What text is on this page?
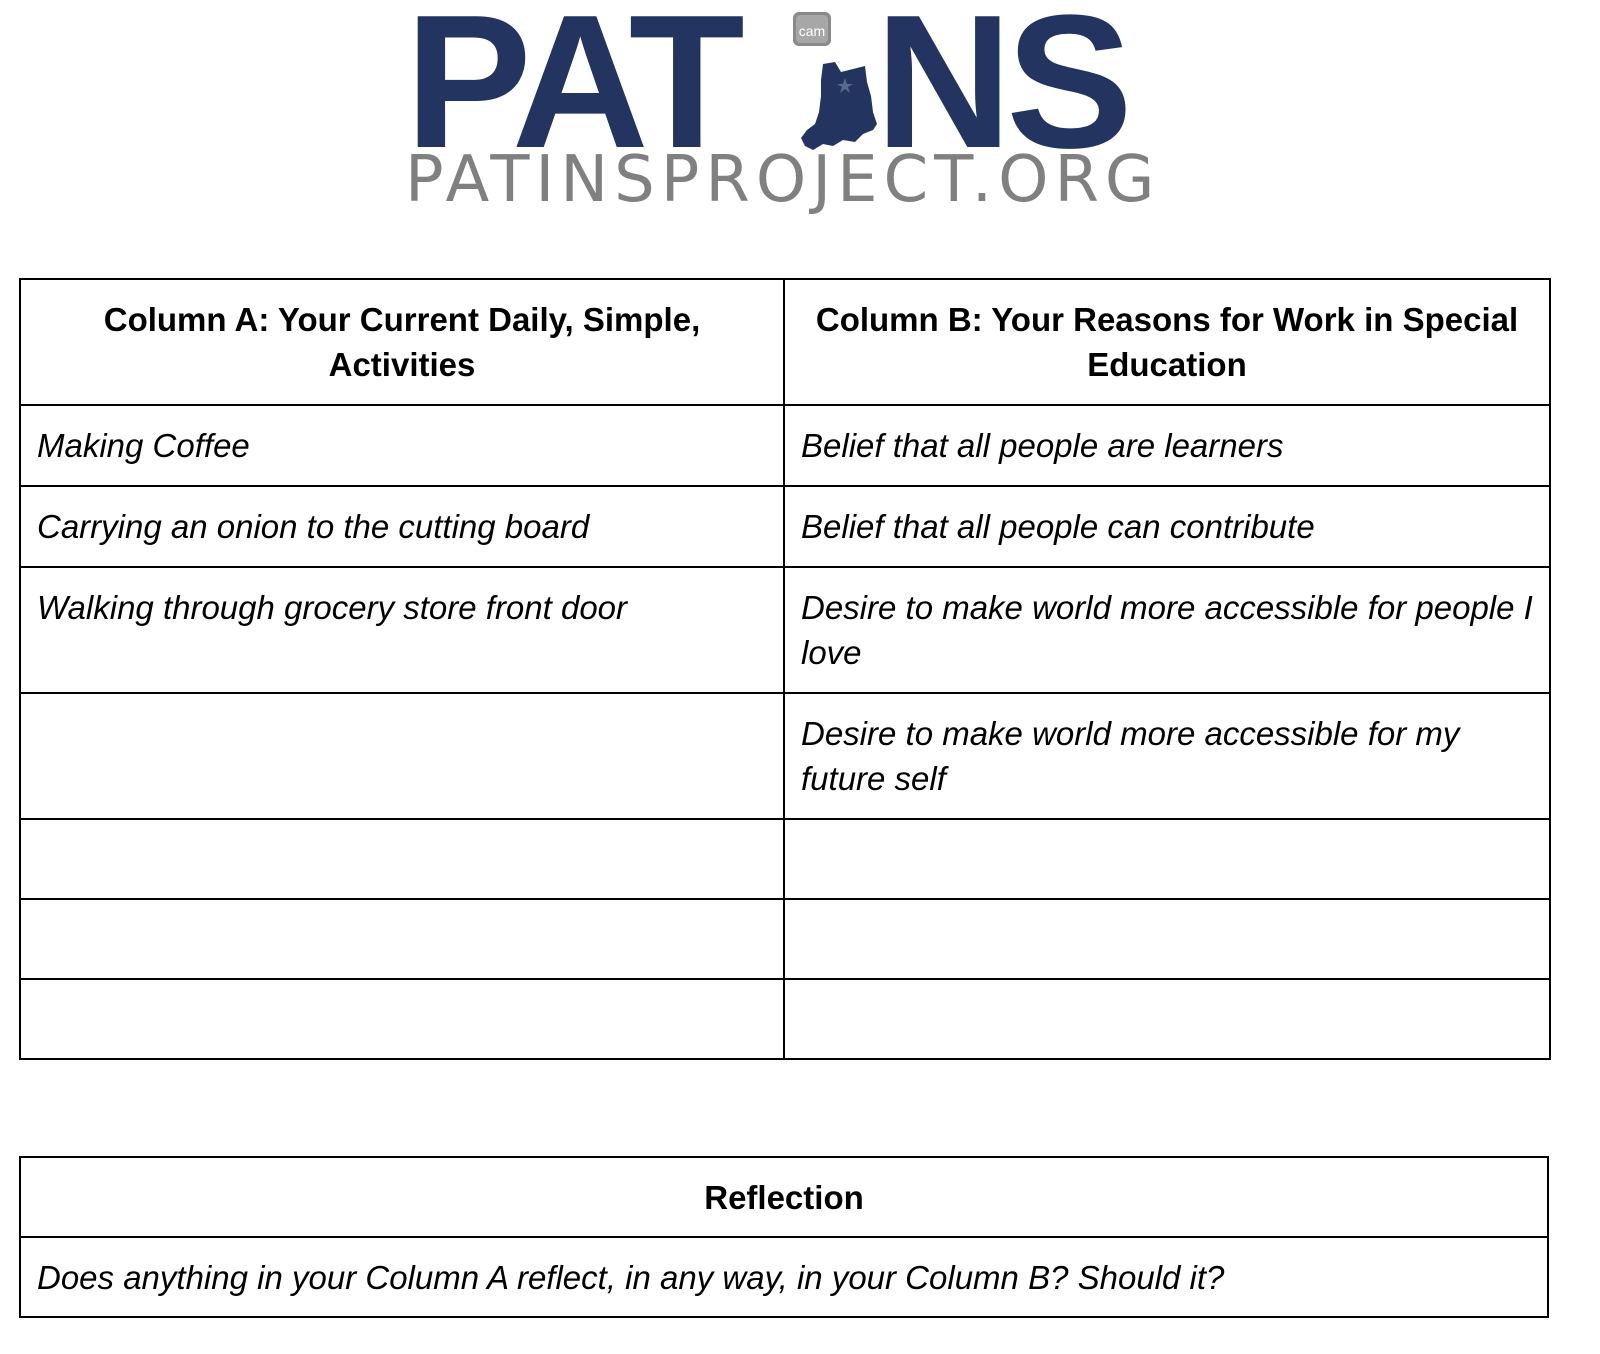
PAT NS
cam
PATINSPROJECT.ORG
Column A: Your Current Daily, Simple, Activities	Column B: Your Reasons for Work in Special Education
Making Coffee	Belief that all people are learners
Carrying an onion to the cutting board	Belief that all people can contribute
Walking through grocery store front door	Desire to make world more accessible for people I love
	Desire to make world more accessible for my future self

Reflection
Does anything in your Column A reflect, in any way, in your Column B? Should it?
